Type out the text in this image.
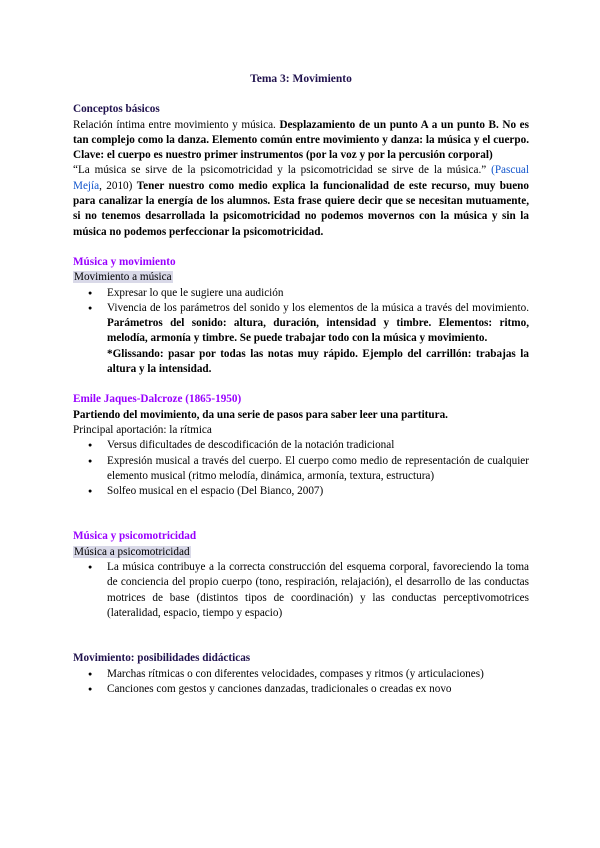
Tema 3: Movimiento
Conceptos básicos

Relación íntima entre movimiento y música. Desplazamiento de un punto A a un punto B. No es tan complejo como la danza. Elemento común entre movimiento y danza: la música y el cuerpo. Clave: el cuerpo es nuestro primer instrumentos (por la voz y por la percusión corporal)

“La música se sirve de la psicomotricidad y la psicomotricidad se sirve de la música.” (Pascual Mejía, 2010) Tener nuestro como medio explica la funcionalidad de este recurso, muy bueno para canalizar la energía de los alumnos. Esta frase quiere decir que se necesitan mutuamente, si no tenemos desarrollada la psicomotricidad no podemos movernos con la música y sin la música no podemos perfeccionar la psicomotricidad.

Música y movimiento
Movimiento a música
● Expresar lo que le sugiere una audición
● Vivencia de los parámetros del sonido y los elementos de la música a través del movimiento. Parámetros del sonido: altura, duración, intensidad y timbre. Elementos: ritmo, melodía, armonía y timbre. Se puede trabajar todo con la música y movimiento.

*Glissando: pasar por todas las notas muy rápido. Ejemplo del carrillón: trabajas la altura y la intensidad.

Emile Jaques-Dalcroze (1865-1950)

Partiendo del movimiento, da una serie de pasos para saber leer una partitura.

Principal aportación: la rítmica

● Versus dificultades de descodificación de la notación tradicional
● Expresión musical a través del cuerpo. El cuerpo como medio de representación de cualquier elemento musical (ritmo melodía, dinámica, armonía, textura, estructura)
● Solfeo musical en el espacio (Del Bianco, 2007)
Música y psicomotricidad
Música a psicomotricidad
● La música contribuye a la correcta construcción del esquema corporal, favoreciendo la toma de conciencia del propio cuerpo (tono, respiración, relajación), el desarrollo de las conductas motrices de base (distintos tipos de coordinación) y las conductas perceptivomotrices (lateralidad, espacio, tiempo y espacio)
Movimiento: posibilidades didácticas
● Marchas rítmicas o con diferentes velocidades, compases y ritmos (y articulaciones)
● Canciones com gestos y canciones danzadas, tradicionales o creadas ex novo
